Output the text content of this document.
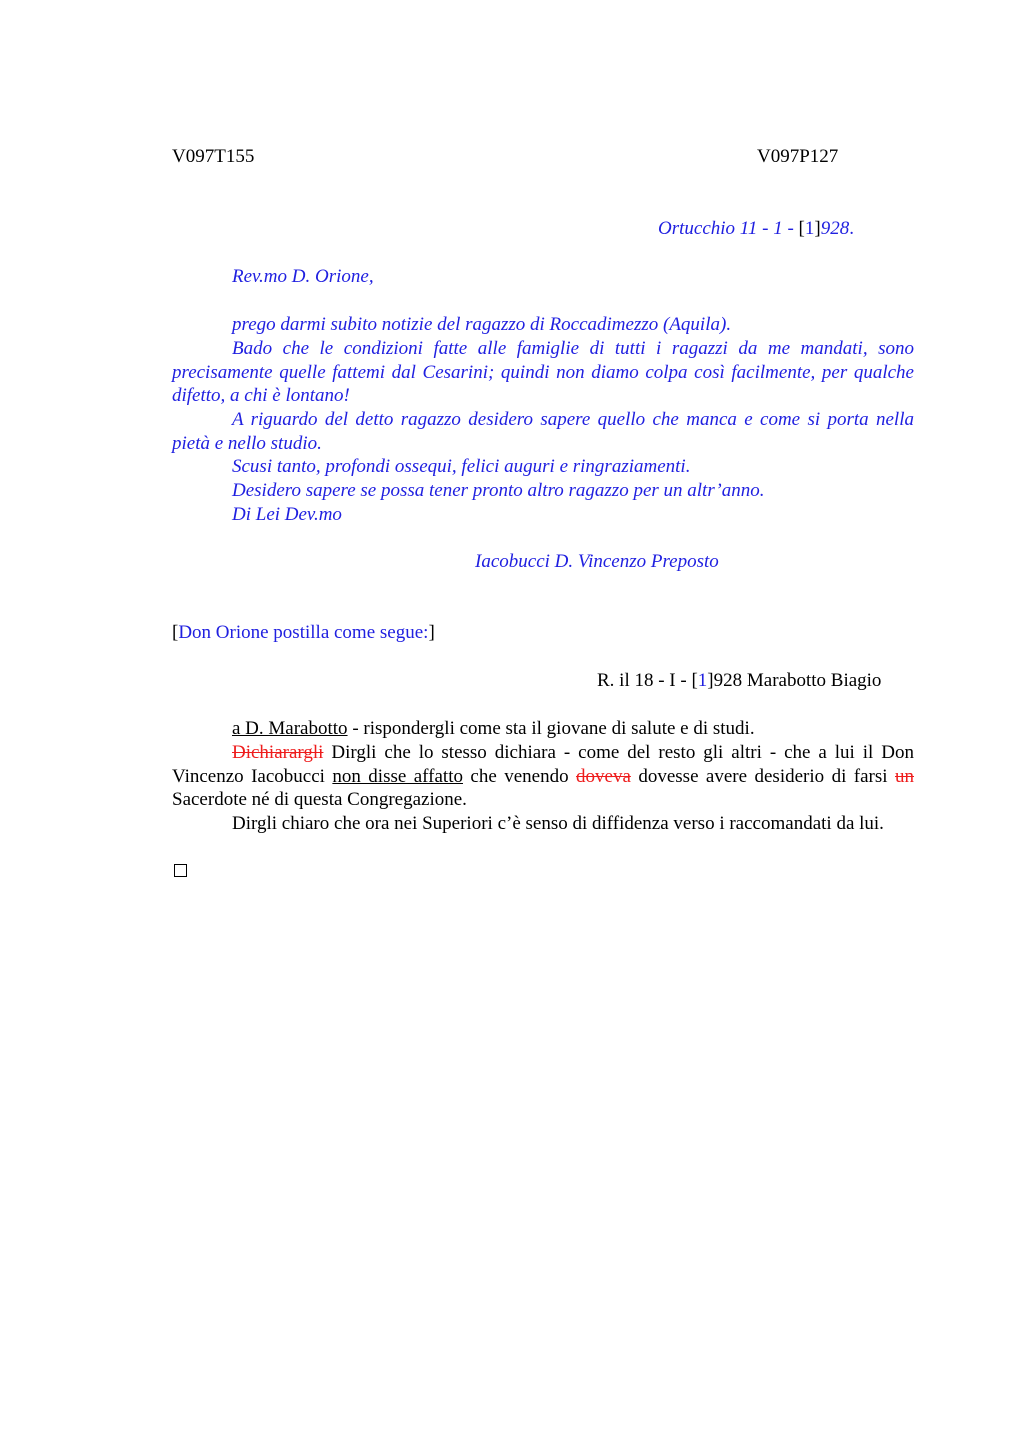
V097T155	V097P127
Ortucchio 11 - 1 - [1]928.
Rev.mo D. Orione,

prego darmi subito notizie del ragazzo di Roccadimezzo (Aquila).

Bado che le condizioni fatte alle famiglie di tutti i ragazzi da me mandati, sono precisamente quelle fattemi dal Cesarini; quindi non diamo colpa così facilmente, per qualche difetto, a chi è lontano!

A riguardo del detto ragazzo desidero sapere quello che manca e come si porta nella pietà e nello studio.

Scusi tanto, profondi ossequi, felici auguri e ringraziamenti.

Desidero sapere se possa tener pronto altro ragazzo per un altr’anno.

Di Lei Dev.mo

Iacobucci D. Vincenzo Preposto
[Don Orione postilla come segue:]
R. il 18 - I - [1]928 Marabotto Biagio

a D. Marabotto - rispondergli come sta il giovane di salute e di studi.

Dichiarargli Dirgli che lo stesso dichiara - come del resto gli altri - che a lui il Don Vincenzo Iacobucci non disse affatto che venendo doveva dovesse avere desiderio di farsi un Sacerdote né di questa Congregazione.

Dirgli chiaro che ora nei Superiori c’è senso di diffidenza verso i raccomandati da lui.
